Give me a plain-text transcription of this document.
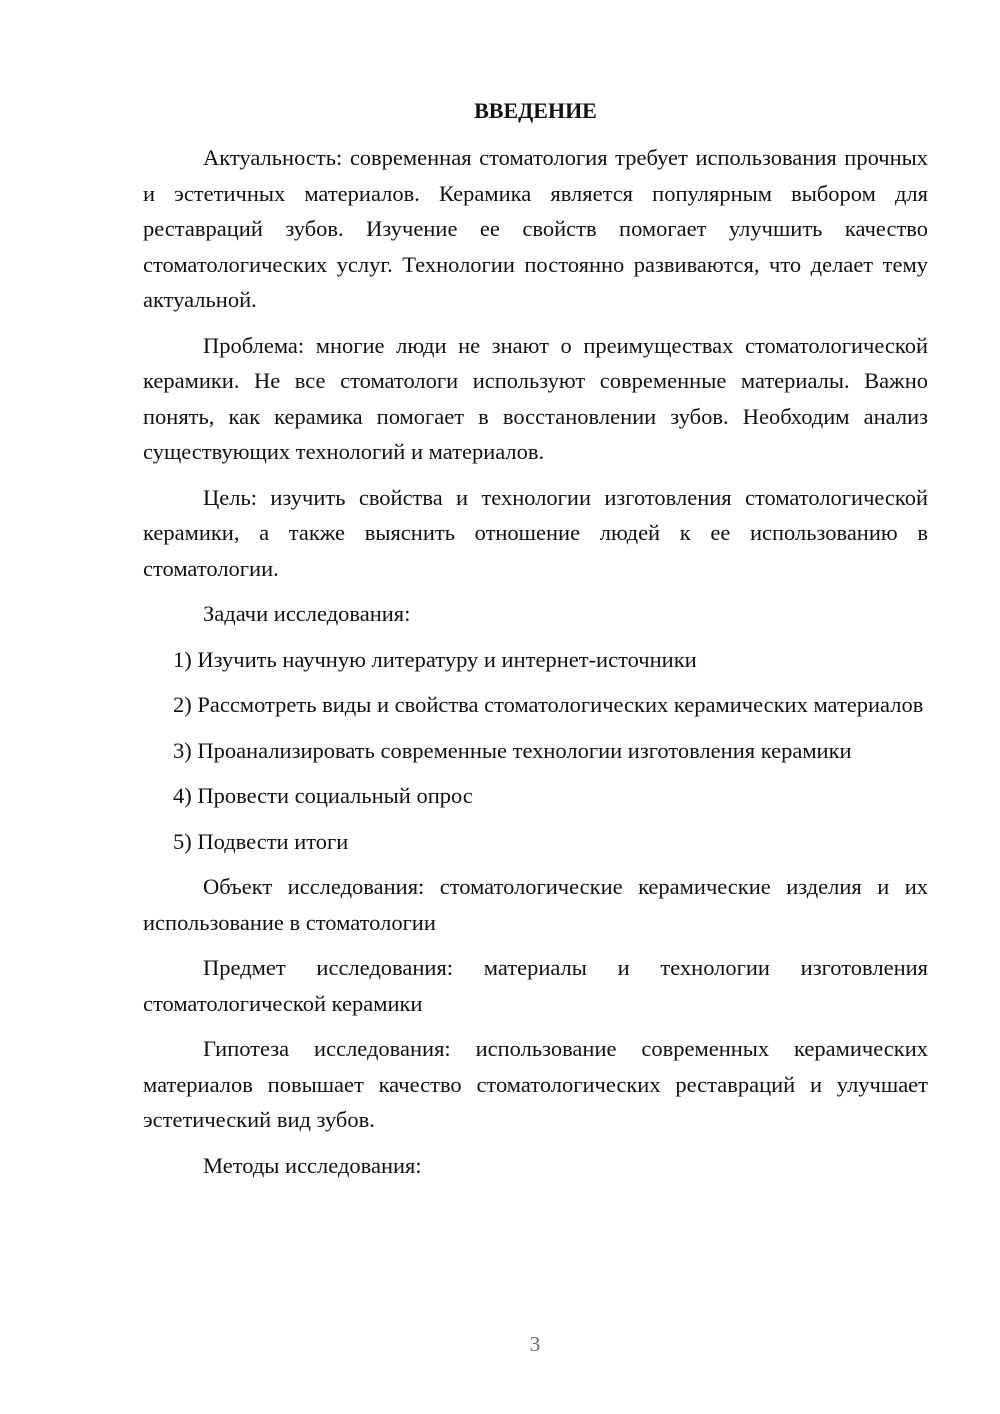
ВВЕДЕНИЕ

Актуальность: современная стоматология требует использования прочных и эстетичных материалов. Керамика является популярным выбором для реставраций зубов. Изучение ее свойств помогает улучшить качество стоматологических услуг. Технологии постоянно развиваются, что делает тему актуальной.

Проблема: многие люди не знают о преимуществах стоматологической керамики. Не все стоматологи используют современные материалы. Важно понять, как керамика помогает в восстановлении зубов. Необходим анализ существующих технологий и материалов.

Цель: изучить свойства и технологии изготовления стоматологической керамики, а также выяснить отношение людей к ее использованию в стоматологии.

Задачи исследования:

1) Изучить научную литературу и интернет-источники

2) Рассмотреть виды и свойства стоматологических керамических материалов

3) Проанализировать современные технологии изготовления керамики

4) Провести социальный опрос

5) Подвести итоги

Объект исследования: стоматологические керамические изделия и их использование в стоматологии

Предмет исследования: материалы и технологии изготовления стоматологической керамики

Гипотеза исследования: использование современных керамических материалов повышает качество стоматологических реставраций и улучшает эстетический вид зубов.

Методы исследования:

3
